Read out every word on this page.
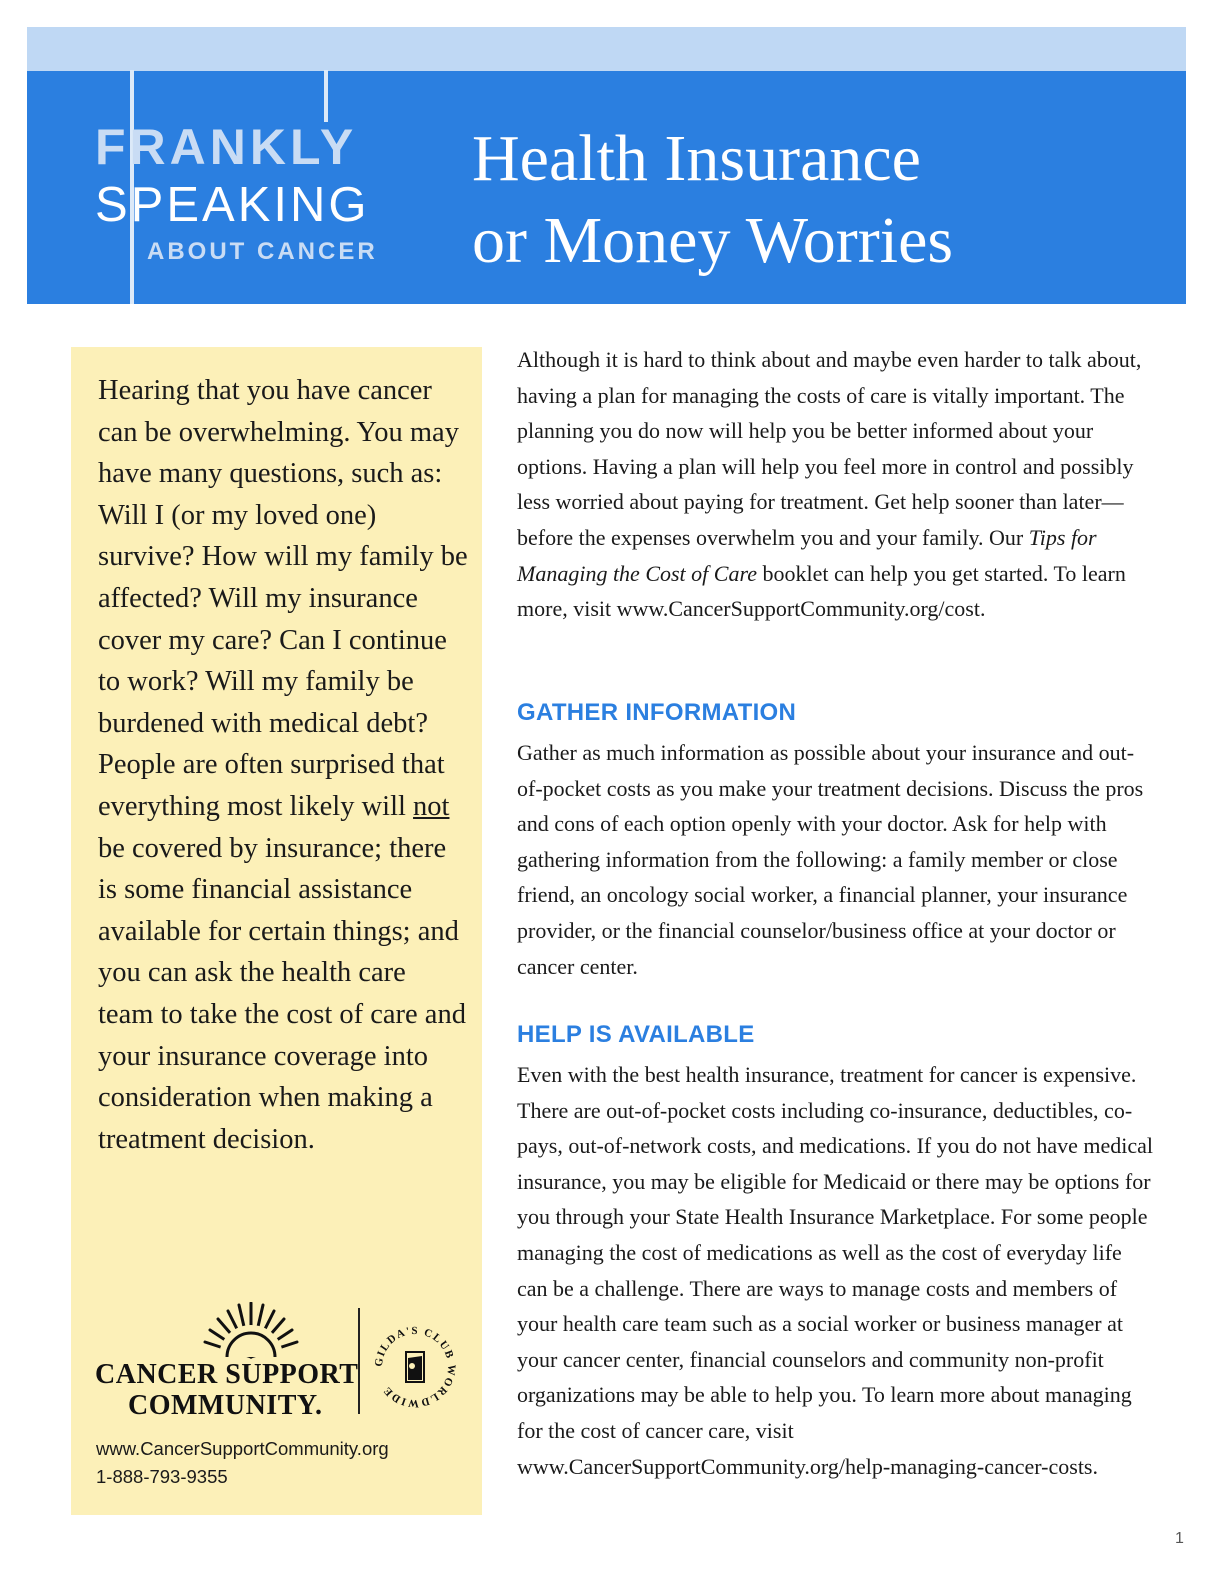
FRANKLY
SPEAKING
ABOUT CANCER
Health Insurance
or Money Worries
Hearing that you have cancer can be overwhelming. You may have many questions, such as: Will I (or my loved one) survive? How will my family be affected? Will my insurance cover my care? Can I continue to work? Will my family be burdened with medical debt? People are often surprised that everything most likely will not be covered by insurance; there is some financial assistance available for certain things; and you can ask the health care team to take the cost of care and your insurance coverage into consideration when making a treatment decision.
CANCER SUPPORT
COMMUNITY.
GILDA'S CLUB WORLDWIDE
www.CancerSupportCommunity.org
1-888-793-9355

Although it is hard to think about and maybe even harder to talk about, having a plan for managing the costs of care is vitally important. The planning you do now will help you be better informed about your options. Having a plan will help you feel more in control and possibly less worried about paying for treatment. Get help sooner than later—before the expenses overwhelm you and your family. Our Tips for Managing the Cost of Care booklet can help you get started. To learn more, visit www.CancerSupportCommunity.org/cost.

GATHER INFORMATION

Gather as much information as possible about your insurance and out-of-pocket costs as you make your treatment decisions. Discuss the pros and cons of each option openly with your doctor. Ask for help with gathering information from the following: a family member or close friend, an oncology social worker, a financial planner, your insurance provider, or the financial counselor/business office at your doctor or cancer center.

HELP IS AVAILABLE

Even with the best health insurance, treatment for cancer is expensive. There are out-of-pocket costs including co-insurance, deductibles, co-pays, out-of-network costs, and medications. If you do not have medical insurance, you may be eligible for Medicaid or there may be options for you through your State Health Insurance Marketplace. For some people managing the cost of medications as well as the cost of everyday life can be a challenge. There are ways to manage costs and members of your health care team such as a social worker or business manager at your cancer center, financial counselors and community non-profit organizations may be able to help you. To learn more about managing for the cost of cancer care, visit www.CancerSupportCommunity.org/help-managing-cancer-costs.

1
